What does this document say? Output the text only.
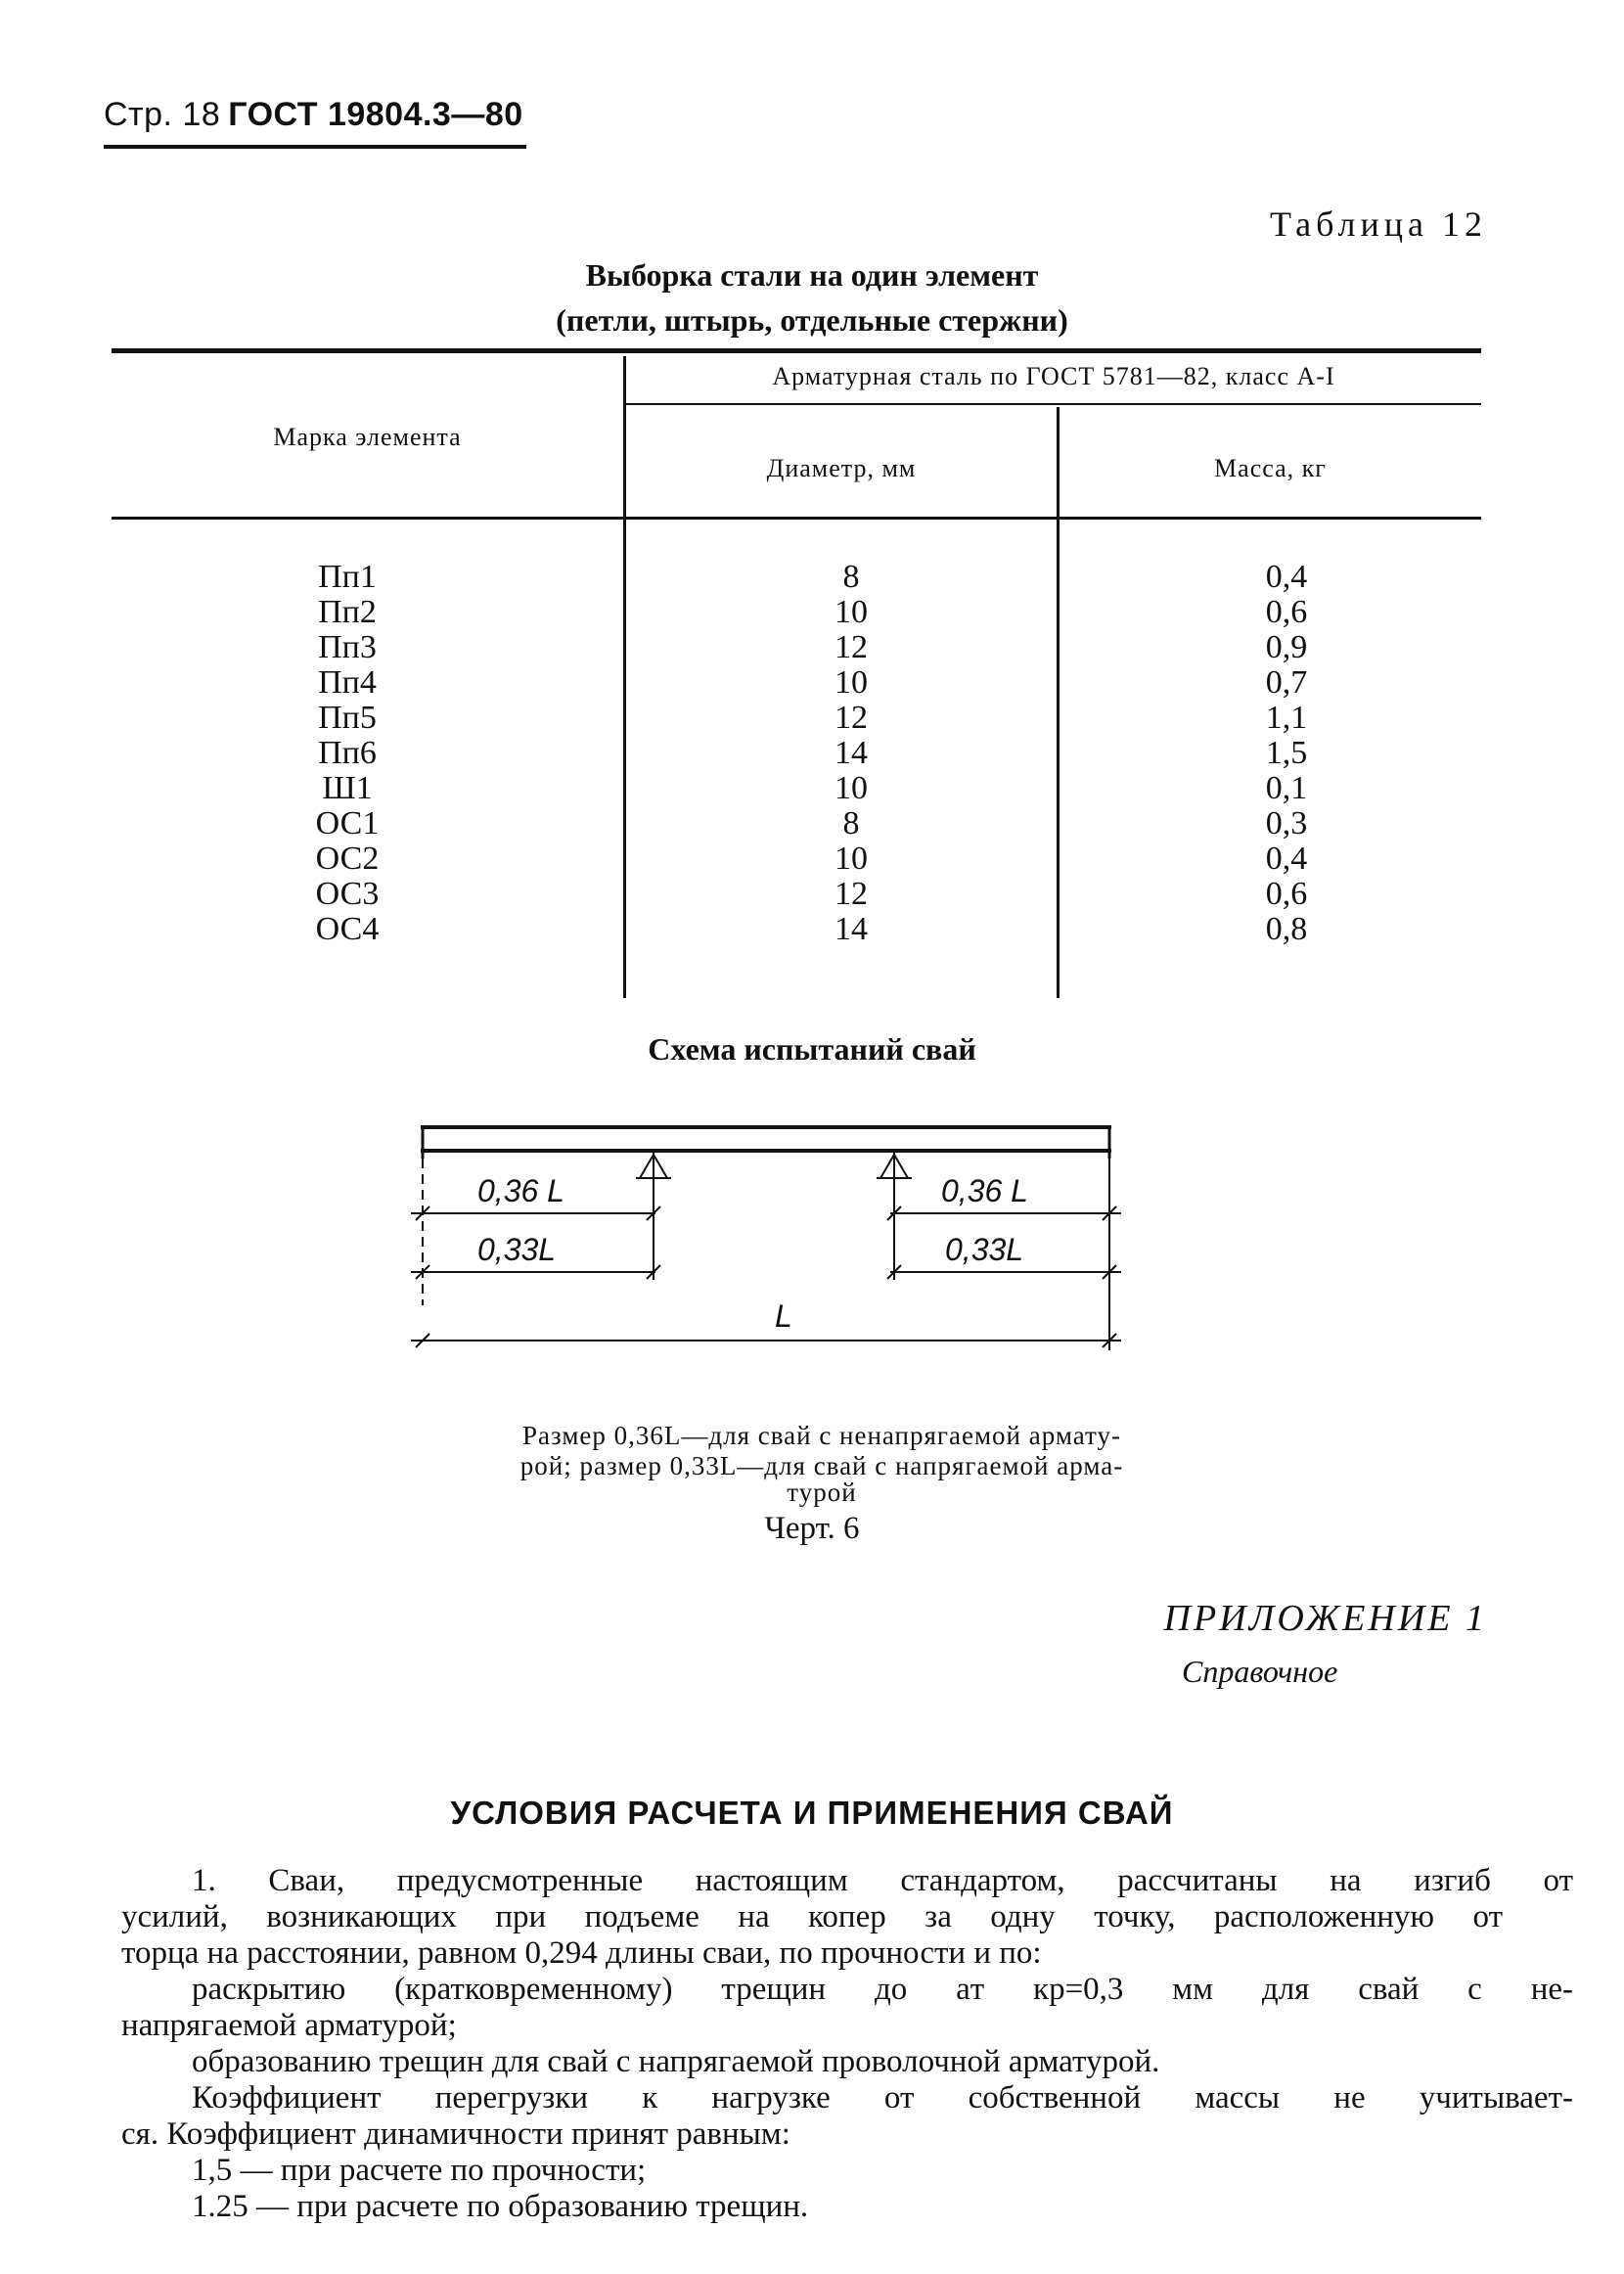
Стр. 18 ГОСТ 19804.3—80
Таблица 12
Выборка стали на один элемент
(петли, штырь, отдельные стержни)
Марка элемента
Арматурная сталь по ГОСТ 5781—82, класс А-I
Диаметр, мм	Масса, кг
Пп1
Пп2
Пп3
Пп4
Пп5
Пп6
Ш1
ОС1
ОС2
ОС3
ОС4
8
10
12
10
12
14
10
8
10
12
14
0,4
0,6
0,9
0,7
1,1
1,5
0,1
0,3
0,4
0,6
0,8
Схема испытаний свай
0,36 L
0,33L
0,36 L
0,33L
L
Размер 0,36L—для свай с ненапрягаемой армату-
рой; размер 0,33L—для свай с напрягаемой арма-
турой
Черт. 6
ПРИЛОЖЕНИЕ 1
Справочное
УСЛОВИЯ РАСЧЕТА И ПРИМЕНЕНИЯ СВАЙ
1. Сваи, предусмотренные настоящим стандартом, рассчитаны на изгиб от
усилий, возникающих при подъеме на копер за одну точку, расположенную от
торца на расстоянии, равном 0,294 длины сваи, по прочности и по:
раскрытию (кратковременному) трещин до aт кр=0,3 мм для свай с не-
напрягаемой арматурой;
образованию трещин для свай с напрягаемой проволочной арматурой.
Коэффициент перегрузки к нагрузке от собственной массы не учитывает-
ся. Коэффициент динамичности принят равным:
1,5 — при расчете по прочности;
1.25 — при расчете по образованию трещин.
